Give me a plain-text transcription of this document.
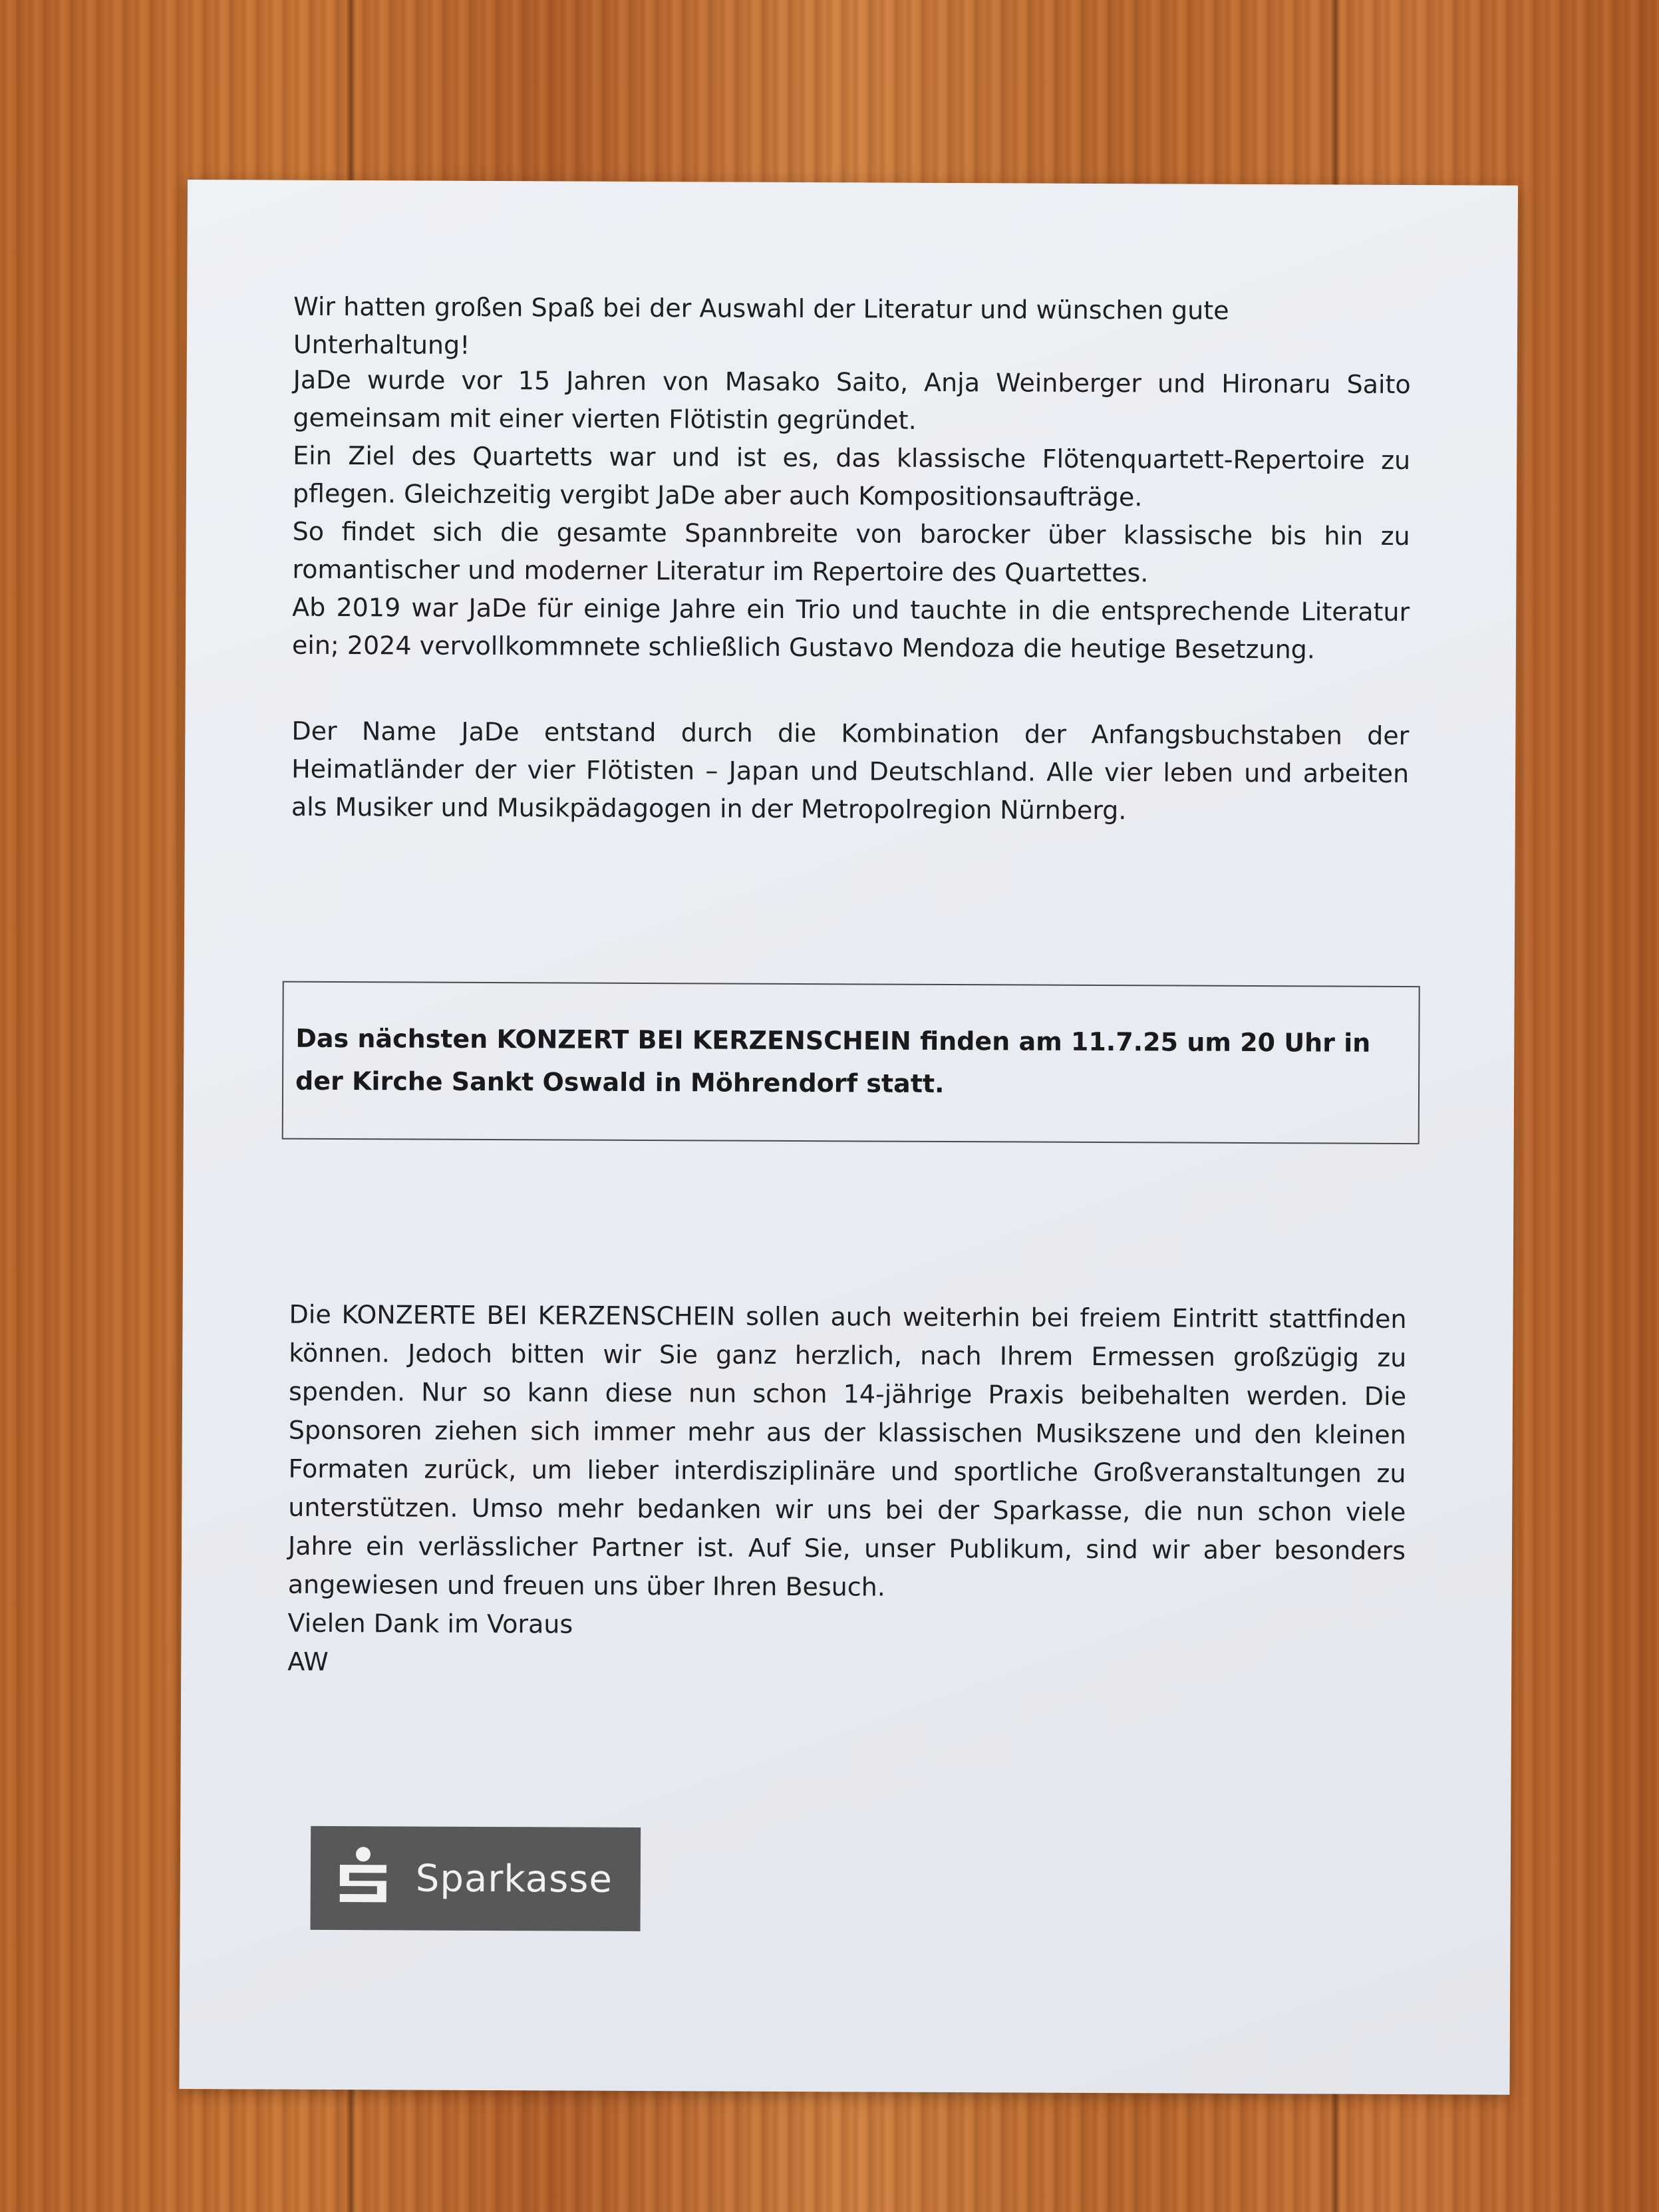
Wir hatten großen Spaß bei der Auswahl der Literatur und wünschen gute Unterhaltung!

JaDe wurde vor 15 Jahren von Masako Saito, Anja Weinberger und Hironaru Saito gemeinsam mit einer vierten Flötistin gegründet.

Ein Ziel des Quartetts war und ist es, das klassische Flötenquartett-Repertoire zu pflegen. Gleichzeitig vergibt JaDe aber auch Kompositionsaufträge.

So findet sich die gesamte Spannbreite von barocker über klassische bis hin zu romantischer und moderner Literatur im Repertoire des Quartettes.

Ab 2019 war JaDe für einige Jahre ein Trio und tauchte in die entsprechende Literatur ein; 2024 vervollkommnete schließlich Gustavo Mendoza die heutige Besetzung.

Der Name JaDe entstand durch die Kombination der Anfangsbuchstaben der Heimatländer der vier Flötisten – Japan und Deutschland. Alle vier leben und arbeiten als Musiker und Musikpädagogen in der Metropolregion Nürnberg.

Das nächsten KONZERT BEI KERZENSCHEIN finden am 11.7.25 um 20 Uhr in der Kirche Sankt Oswald in Möhrendorf statt.

Die KONZERTE BEI KERZENSCHEIN sollen auch weiterhin bei freiem Eintritt stattfinden können. Jedoch bitten wir Sie ganz herzlich, nach Ihrem Ermessen großzügig zu spenden. Nur so kann diese nun schon 14-jährige Praxis beibehalten werden. Die Sponsoren ziehen sich immer mehr aus der klassischen Musikszene und den kleinen Formaten zurück, um lieber interdisziplinäre und sportliche Großveranstaltungen zu unterstützen. Umso mehr bedanken wir uns bei der Sparkasse, die nun schon viele Jahre ein verlässlicher Partner ist. Auf Sie, unser Publikum, sind wir aber besonders angewiesen und freuen uns über Ihren Besuch.

Vielen Dank im Voraus

AW

Sparkasse
